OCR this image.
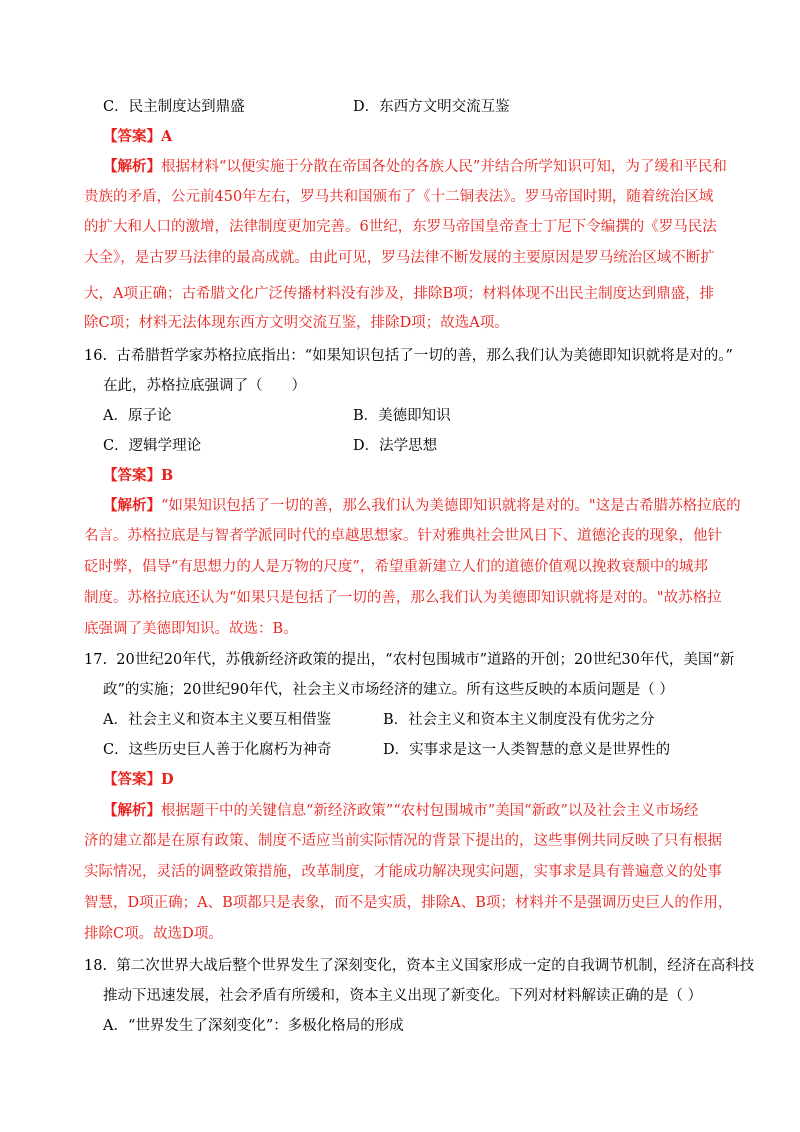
C．民主制度达到鼎盛	D．东西方文明交流互鉴
【答案】A
【解析】根据材料“以便实施于分散在帝国各处的各族人民”并结合所学知识可知，为了缓和平民和
贵族的矛盾，公元前450年左右，罗马共和国颁布了《十二铜表法》。罗马帝国时期，随着统治区域
的扩大和人口的激增，法律制度更加完善。6世纪，东罗马帝国皇帝查士丁尼下令编撰的《罗马民法
大全》，是古罗马法律的最高成就。由此可见，罗马法律不断发展的主要原因是罗马统治区域不断扩
大，A项正确；古希腊文化广泛传播材料没有涉及，排除B项；材料体现不出民主制度达到鼎盛，排
除C项；材料无法体现东西方文明交流互鉴，排除D项；故选A项。
16. 古希腊哲学家苏格拉底指出：“如果知识包括了一切的善，那么我们认为美德即知识就将是对的。”
在此，苏格拉底强调了（　　）
A．原子论	B．美德即知识
C．逻辑学理论	D．法学思想
【答案】B
【解析】“如果知识包括了一切的善，那么我们认为美德即知识就将是对的。"这是古希腊苏格拉底的
名言。苏格拉底是与智者学派同时代的卓越思想家。针对雅典社会世风日下、道德沦丧的现象，他针
砭时弊，倡导“有思想力的人是万物的尺度”，希望重新建立人们的道德价值观以挽救衰颓中的城邦
制度。苏格拉底还认为“如果只是包括了一切的善，那么我们认为美德即知识就将是对的。"故苏格拉
底强调了美德即知识。故选：B。
17. 20世纪20年代，苏俄新经济政策的提出，“农村包围城市”道路的开创；20世纪30年代，美国“新
政”的实施；20世纪90年代，社会主义市场经济的建立。所有这些反映的本质问题是（ ）
A．社会主义和资本主义要互相借鉴	B．社会主义和资本主义制度没有优劣之分
C．这些历史巨人善于化腐朽为神奇	D．实事求是这一人类智慧的意义是世界性的
【答案】D
【解析】根据题干中的关键信息“新经济政策”“农村包围城市”美国“新政”以及社会主义市场经
济的建立都是在原有政策、制度不适应当前实际情况的背景下提出的，这些事例共同反映了只有根据
实际情况，灵活的调整政策措施，改革制度，才能成功解决现实问题，实事求是具有普遍意义的处事
智慧，D项正确；A、B项都只是表象，而不是实质，排除A、B项；材料并不是强调历史巨人的作用，
排除C项。故选D项。
18. 第二次世界大战后整个世界发生了深刻变化，资本主义国家形成一定的自我调节机制，经济在高科技
推动下迅速发展，社会矛盾有所缓和，资本主义出现了新变化。下列对材料解读正确的是（ ）
A．“世界发生了深刻变化”：多极化格局的形成
